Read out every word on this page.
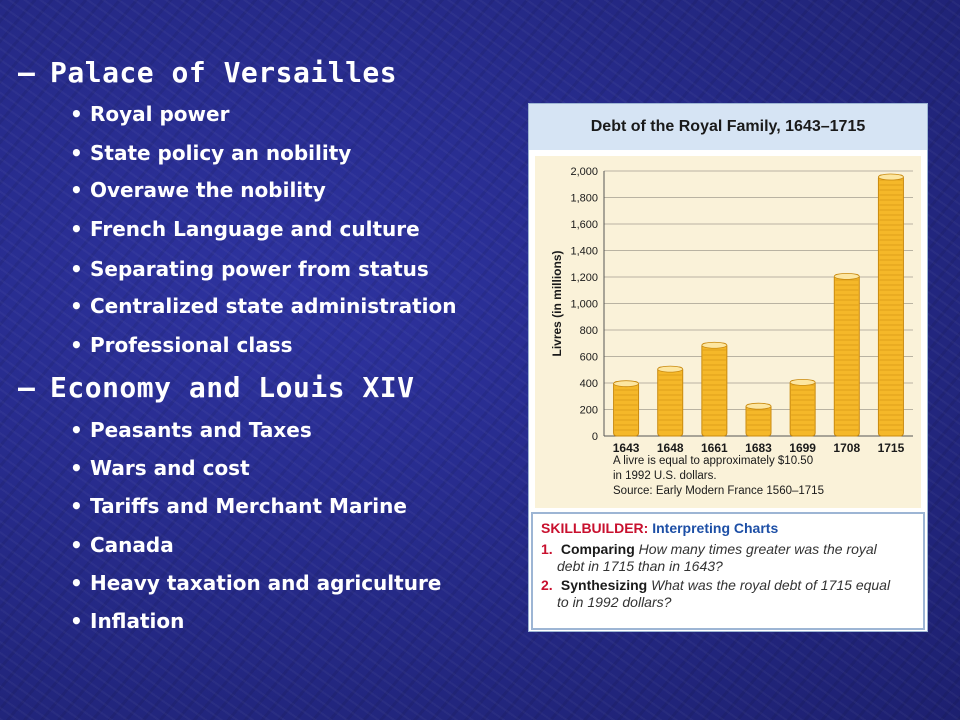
– Palace of Versailles
• Royal power
• State policy an nobility
• Overawe the nobility
• French Language and culture
• Separating power from status
• Centralized state administration
• Professional class
– Economy and Louis XIV
• Peasants and Taxes
• Wars and cost
• Tariffs and Merchant Marine
• Canada
• Heavy taxation and agriculture
• Inflation
Debt of the Royal Family, 1643–1715
0
200
400
600
800
1,000
1,200
1,400
1,600
1,800
2,000
Livres (in millions)
1643 1648 1661 1683 1699 1708 1715
A livre is equal to approximately $10.50
in 1992 U.S. dollars.
Source: Early Modern France 1560–1715
SKILLBUILDER: Interpreting Charts
1. Comparing How many times greater was the royal
debt in 1715 than in 1643?
2. Synthesizing What was the royal debt of 1715 equal
to in 1992 dollars?
